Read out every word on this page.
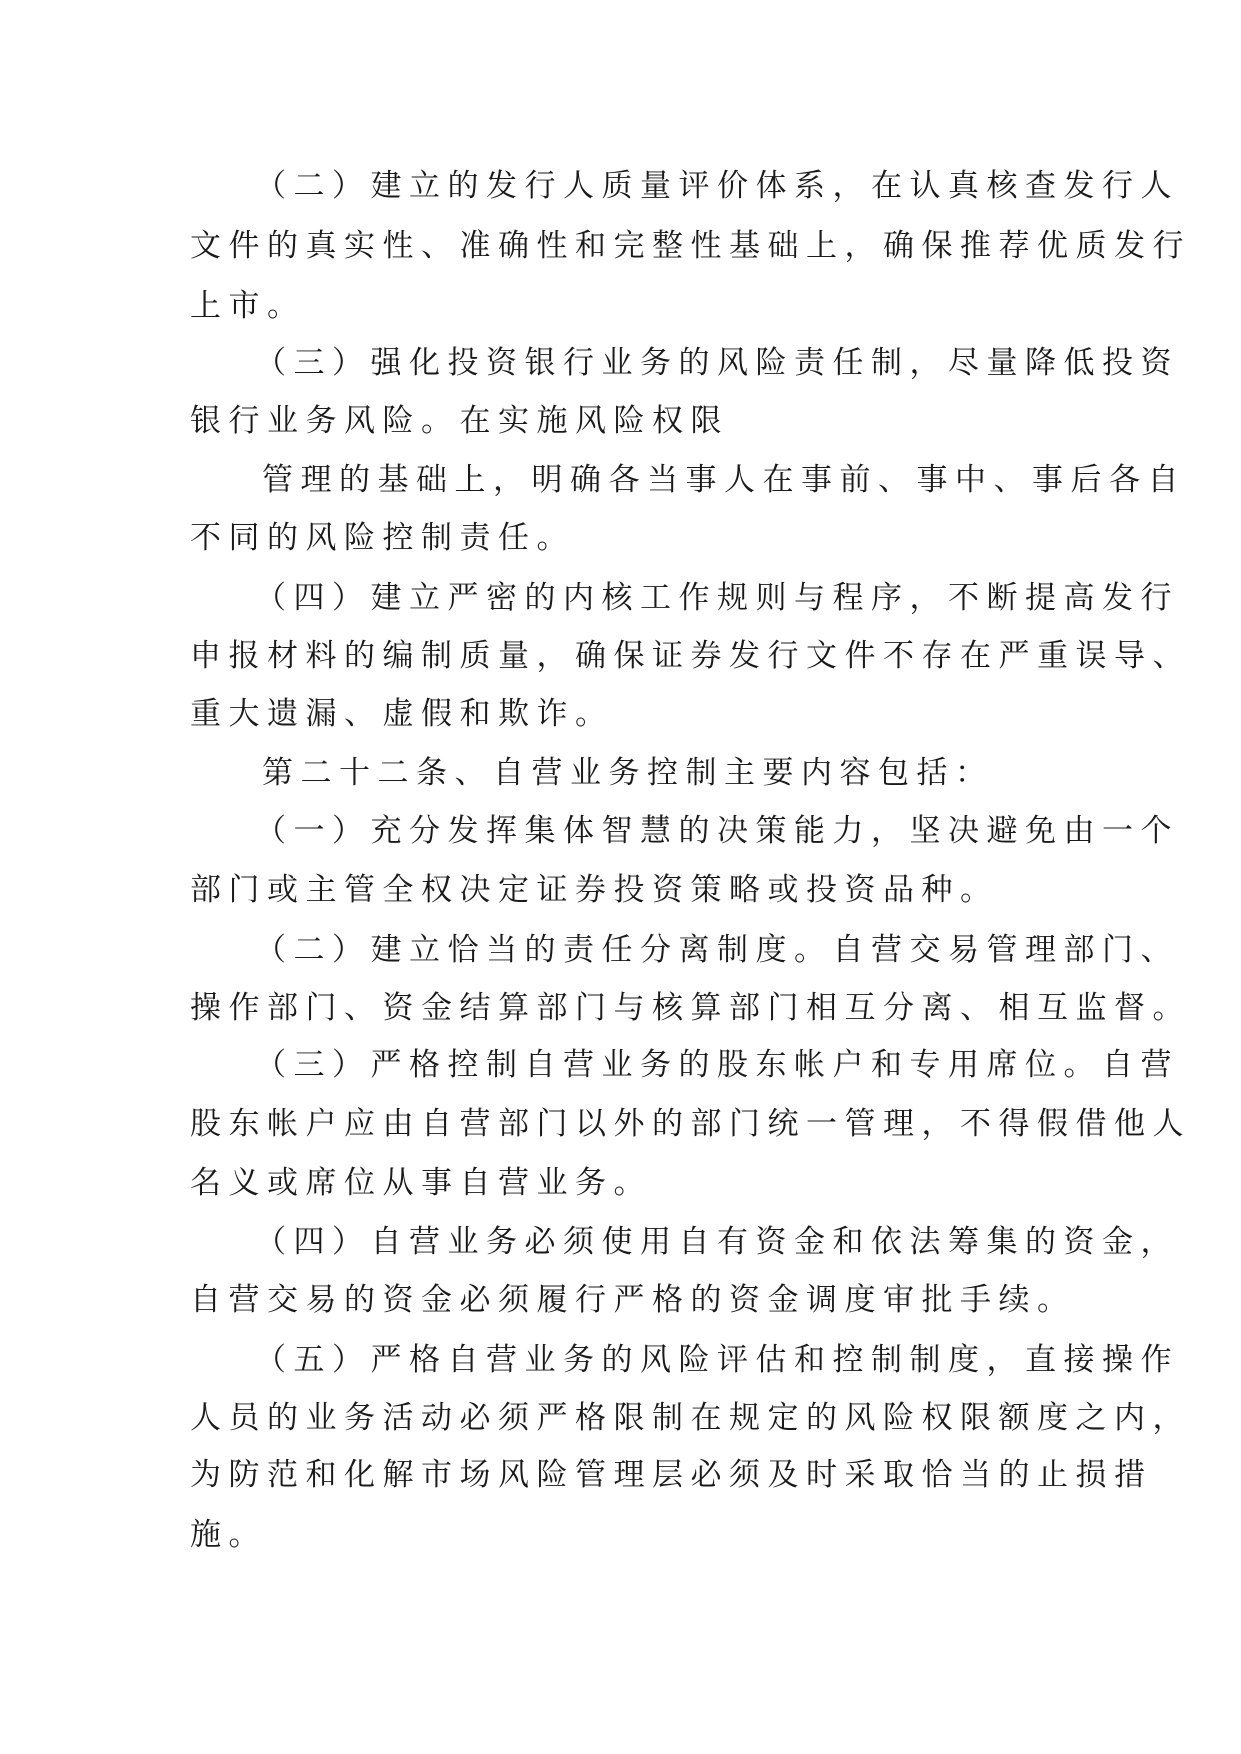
（二）建立的发行人质量评价体系，在认真核查发行人

文件的真实性、准确性和完整性基础上，确保推荐优质发行

上市。

（三）强化投资银行业务的风险责任制，尽量降低投资

银行业务风险。在实施风险权限

管理的基础上，明确各当事人在事前、事中、事后各自

不同的风险控制责任。

（四）建立严密的内核工作规则与程序，不断提高发行

申报材料的编制质量，确保证券发行文件不存在严重误导、

重大遗漏、虚假和欺诈。

第二十二条、自营业务控制主要内容包括：

（一）充分发挥集体智慧的决策能力，坚决避免由一个

部门或主管全权决定证券投资策略或投资品种。

（二）建立恰当的责任分离制度。自营交易管理部门、

操作部门、资金结算部门与核算部门相互分离、相互监督。

（三）严格控制自营业务的股东帐户和专用席位。自营

股东帐户应由自营部门以外的部门统一管理，不得假借他人

名义或席位从事自营业务。

（四）自营业务必须使用自有资金和依法筹集的资金，

自营交易的资金必须履行严格的资金调度审批手续。

（五）严格自营业务的风险评估和控制制度，直接操作

人员的业务活动必须严格限制在规定的风险权限额度之内，

为防范和化解市场风险管理层必须及时采取恰当的止损措

施。
